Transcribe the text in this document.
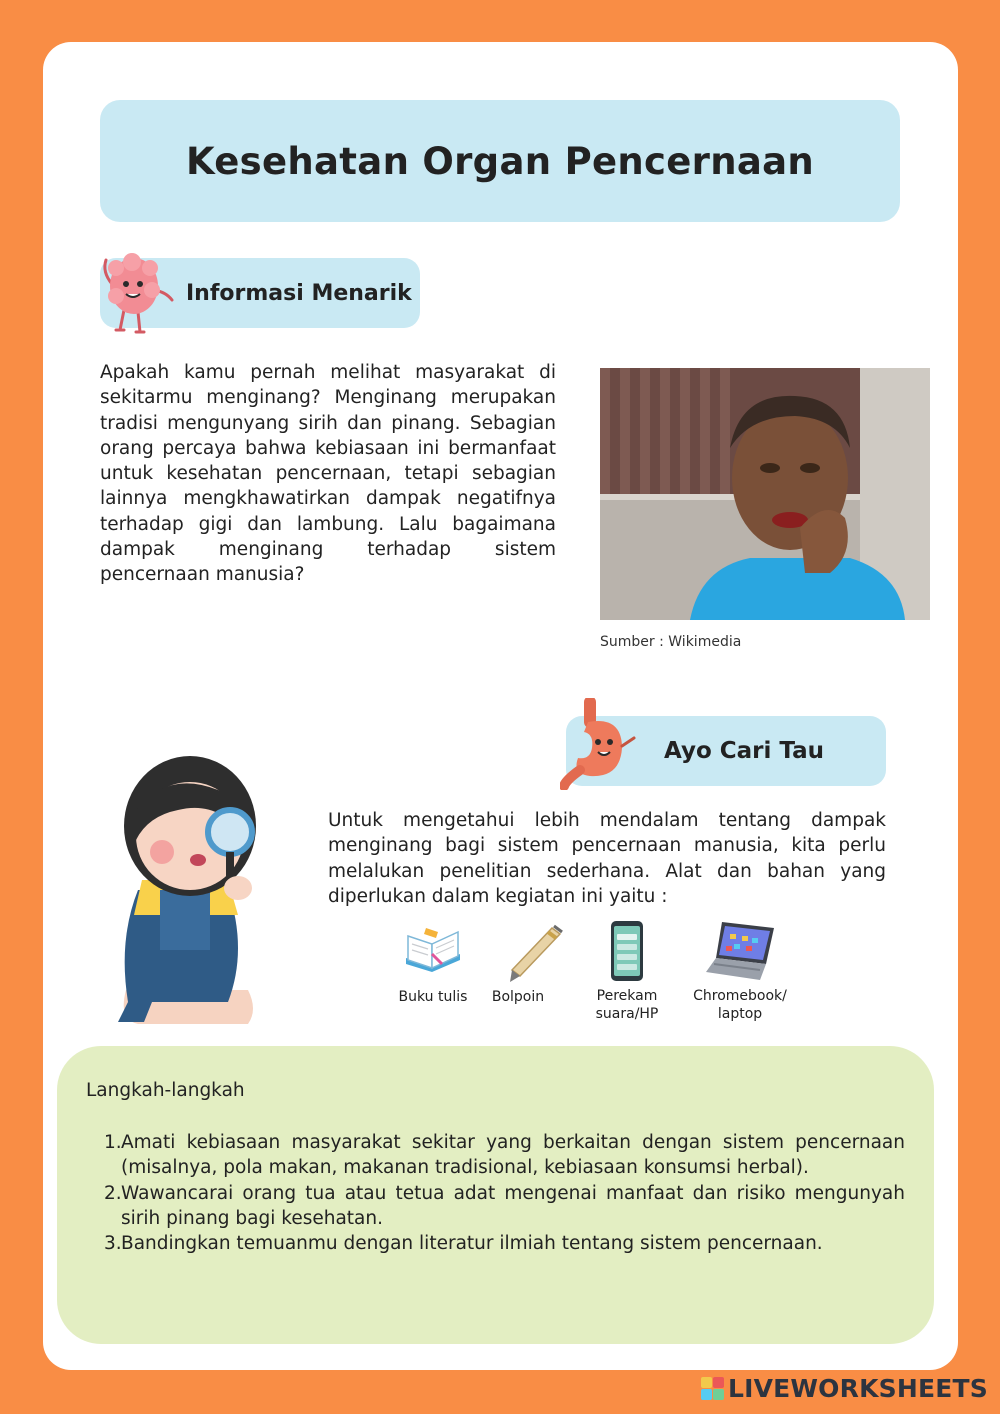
Kesehatan Organ Pencernaan
Informasi Menarik

Apakah kamu pernah melihat masyarakat di sekitarmu menginang? Menginang merupakan tradisi mengunyang sirih dan pinang. Sebagian orang percaya bahwa kebiasaan ini bermanfaat untuk kesehatan pencernaan, tetapi sebagian lainnya mengkhawatirkan dampak negatifnya terhadap gigi dan lambung. Lalu bagaimana dampak menginang terhadap sistem pencernaan manusia?

Sumber : Wikimedia
Ayo Cari Tau

Untuk mengetahui lebih mendalam tentang dampak menginang bagi sistem pencernaan manusia, kita perlu melalukan penelitian sederhana. Alat dan bahan yang diperlukan dalam kegiatan ini yaitu :

Buku tulis	Bolpoin	Perekam
suara/HP
Chromebook/
laptop
Langkah-langkah
1. Amati kebiasaan masyarakat sekitar yang berkaitan dengan sistem pencernaan (misalnya, pola makan, makanan tradisional, kebiasaan konsumsi herbal).
2. Wawancarai orang tua atau tetua adat mengenai manfaat dan risiko mengunyah sirih pinang bagi kesehatan.
3. Bandingkan temuanmu dengan literatur ilmiah tentang sistem pencernaan.
LIVEWORKSHEETS
